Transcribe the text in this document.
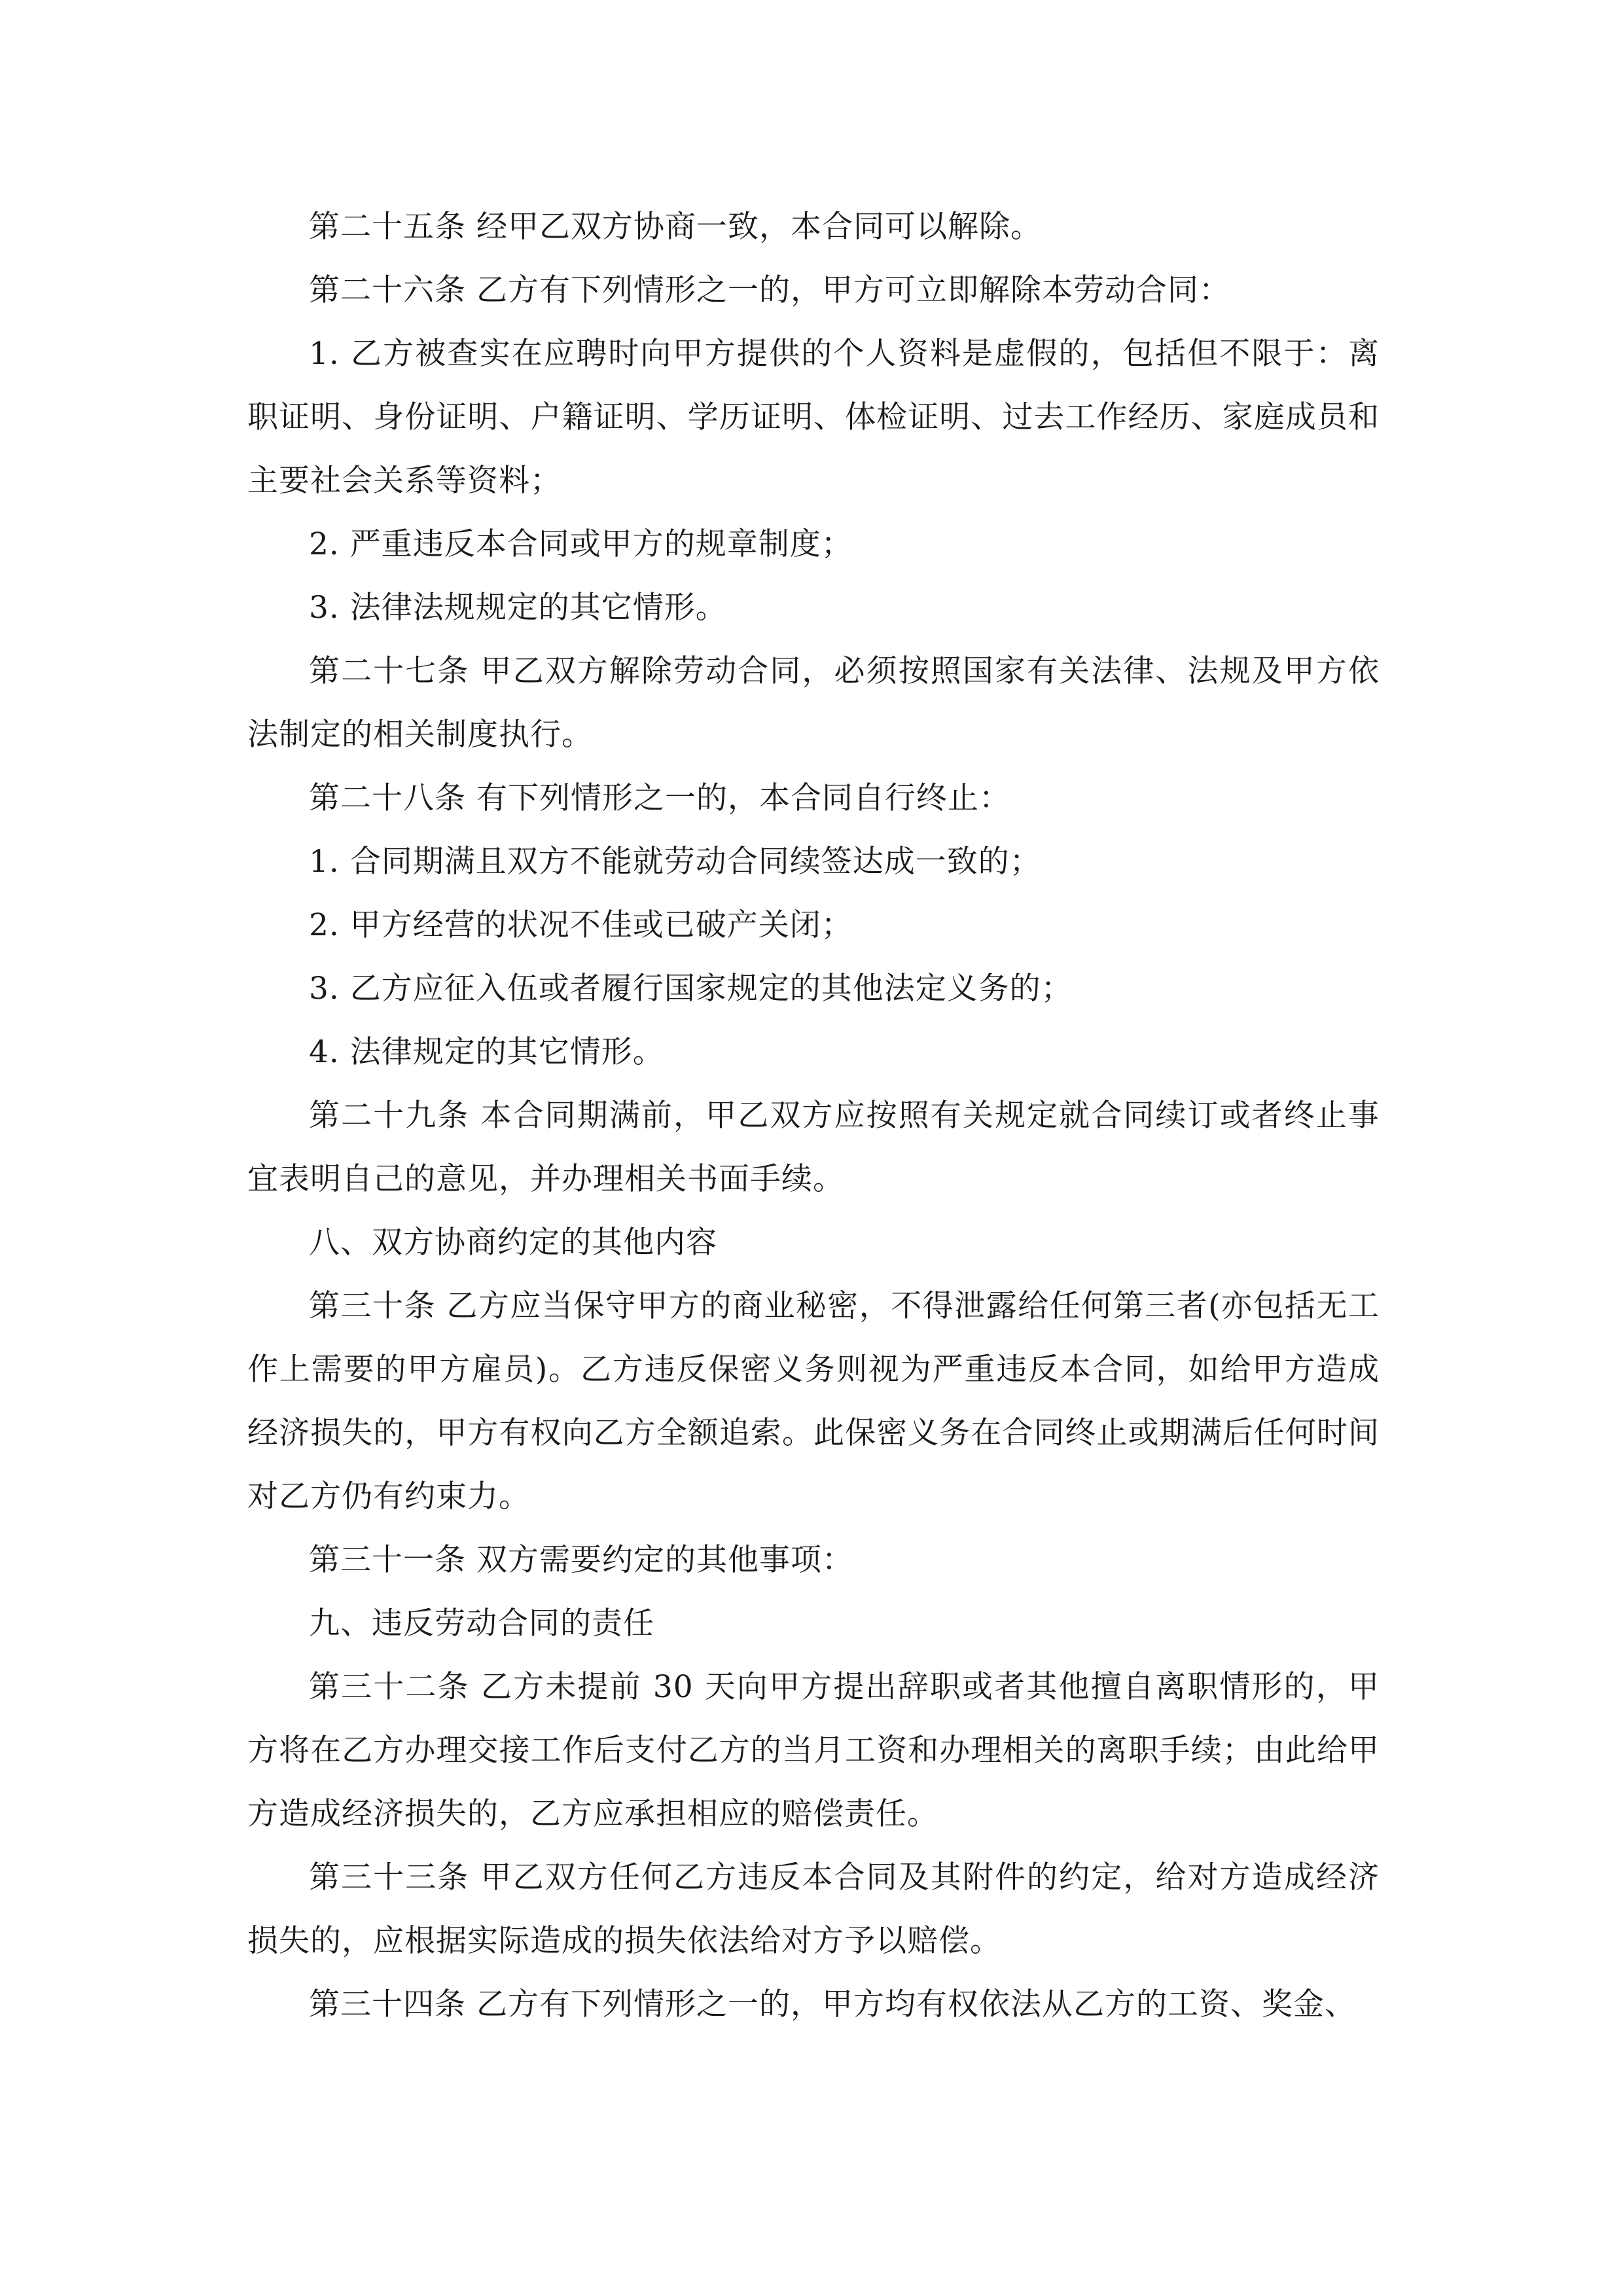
第二十五条 经甲乙双方协商一致，本合同可以解除。

第二十六条 乙方有下列情形之一的，甲方可立即解除本劳动合同：

1. 乙方被查实在应聘时向甲方提供的个人资料是虚假的，包括但不限于：离职证明、身份证明、户籍证明、学历证明、体检证明、过去工作经历、家庭成员和主要社会关系等资料；

2. 严重违反本合同或甲方的规章制度；

3. 法律法规规定的其它情形。

第二十七条 甲乙双方解除劳动合同，必须按照国家有关法律、法规及甲方依法制定的相关制度执行。

第二十八条 有下列情形之一的，本合同自行终止：

1. 合同期满且双方不能就劳动合同续签达成一致的；

2. 甲方经营的状况不佳或已破产关闭；

3. 乙方应征入伍或者履行国家规定的其他法定义务的；

4. 法律规定的其它情形。

第二十九条 本合同期满前，甲乙双方应按照有关规定就合同续订或者终止事宜表明自己的意见，并办理相关书面手续。

八、双方协商约定的其他内容

第三十条 乙方应当保守甲方的商业秘密，不得泄露给任何第三者(亦包括无工作上需要的甲方雇员)。乙方违反保密义务则视为严重违反本合同，如给甲方造成经济损失的，甲方有权向乙方全额追索。此保密义务在合同终止或期满后任何时间对乙方仍有约束力。

第三十一条 双方需要约定的其他事项：

九、违反劳动合同的责任

第三十二条 乙方未提前 30 天向甲方提出辞职或者其他擅自离职情形的，甲方将在乙方办理交接工作后支付乙方的当月工资和办理相关的离职手续；由此给甲方造成经济损失的，乙方应承担相应的赔偿责任。

第三十三条 甲乙双方任何乙方违反本合同及其附件的约定，给对方造成经济损失的，应根据实际造成的损失依法给对方予以赔偿。

第三十四条 乙方有下列情形之一的，甲方均有权依法从乙方的工资、奖金、
